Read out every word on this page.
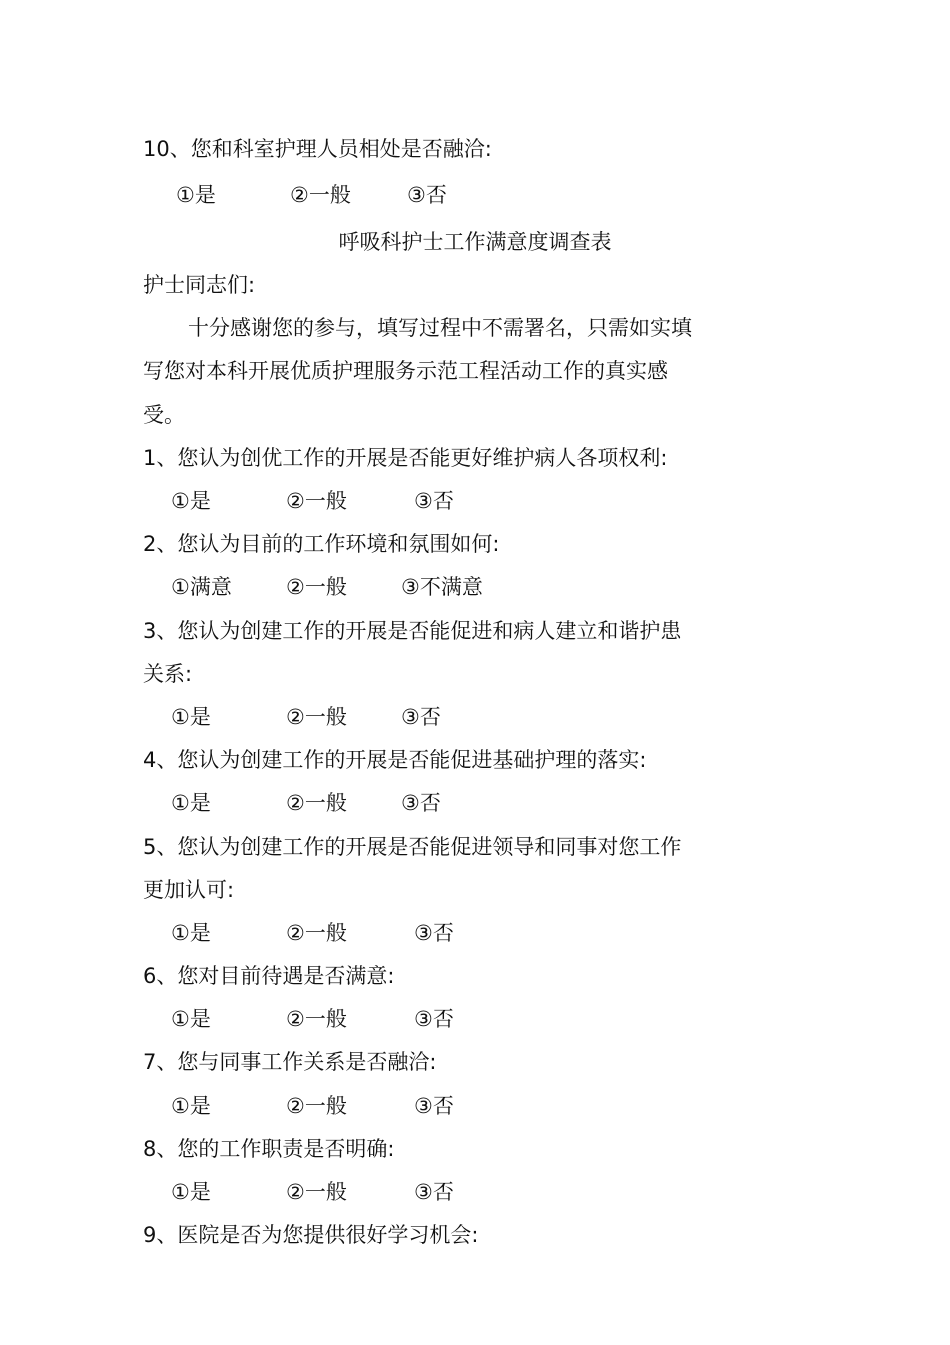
10、您和科室护理人员相处是否融洽:
①是	②一般	③否
呼吸科护士工作满意度调查表
护士同志们:
十分感谢您的参与，填写过程中不需署名，只需如实填
写您对本科开展优质护理服务示范工程活动工作的真实感
受。
1、您认为创优工作的开展是否能更好维护病人各项权利:
①是	②一般	③否
2、您认为目前的工作环境和氛围如何:
①满意	②一般	③不满意
3、您认为创建工作的开展是否能促进和病人建立和谐护患
关系:
①是	②一般	③否
4、您认为创建工作的开展是否能促进基础护理的落实:
①是	②一般	③否
5、您认为创建工作的开展是否能促进领导和同事对您工作
更加认可:
①是	②一般	③否
6、您对目前待遇是否满意:
①是	②一般	③否
7、您与同事工作关系是否融洽:
①是	②一般	③否
8、您的工作职责是否明确:
①是	②一般	③否
9、医院是否为您提供很好学习机会:
